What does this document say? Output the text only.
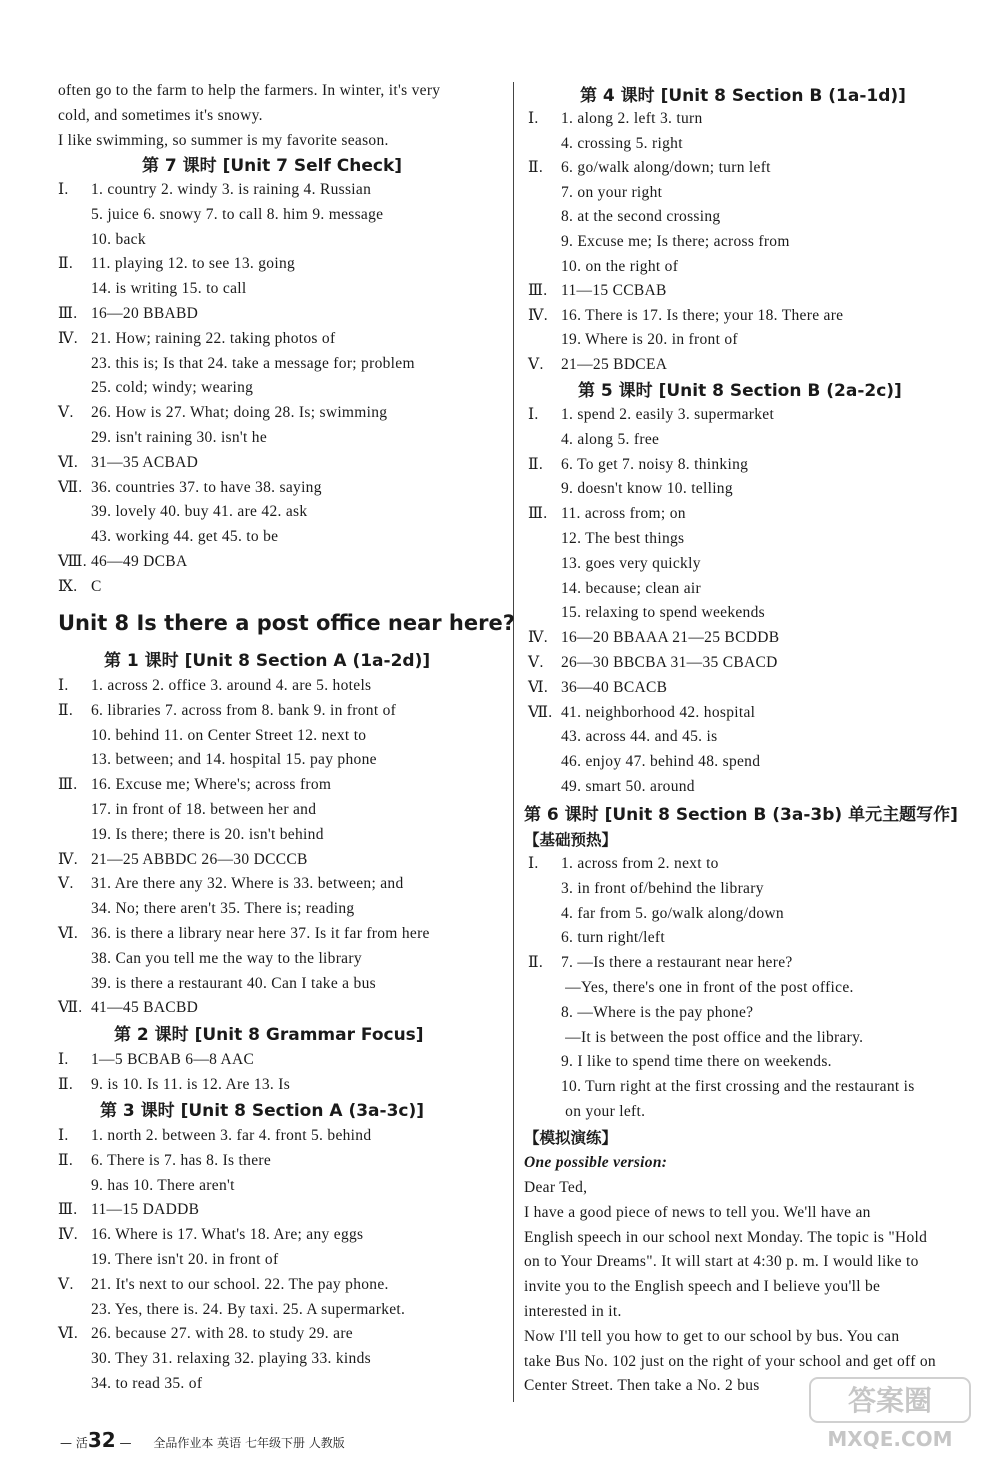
often go to the farm to help the farmers. In winter, it's very
cold, and sometimes it's snowy.
I like swimming, so summer is my favorite season.
第 7 课时 [Unit 7 Self Check]
Ⅰ. 1. country 2. windy 3. is raining 4. Russian
5. juice 6. snowy 7. to call 8. him 9. message
10. back
Ⅱ. 11. playing 12. to see 13. going
14. is writing 15. to call
Ⅲ. 16—20 BBABD
Ⅳ. 21. How; raining 22. taking photos of
23. this is; Is that 24. take a message for; problem
25. cold; windy; wearing
Ⅴ. 26. How is 27. What; doing 28. Is; swimming
29. isn't raining 30. isn't he
Ⅵ. 31—35 ACBAD
Ⅶ. 36. countries 37. to have 38. saying
39. lovely 40. buy 41. are 42. ask
43. working 44. get 45. to be
Ⅷ. 46—49 DCBA
Ⅸ. C
Unit 8 Is there a post office near here?
第 1 课时 [Unit 8 Section A (1a-2d)]
Ⅰ. 1. across 2. office 3. around 4. are 5. hotels
Ⅱ. 6. libraries 7. across from 8. bank 9. in front of
10. behind 11. on Center Street 12. next to
13. between; and 14. hospital 15. pay phone
Ⅲ. 16. Excuse me; Where's; across from
17. in front of 18. between her and
19. Is there; there is 20. isn't behind
Ⅳ. 21—25 ABBDC 26—30 DCCCB
Ⅴ. 31. Are there any 32. Where is 33. between; and
34. No; there aren't 35. There is; reading
Ⅵ. 36. is there a library near here 37. Is it far from here
38. Can you tell me the way to the library
39. is there a restaurant 40. Can I take a bus
Ⅶ. 41—45 BACBD
第 2 课时 [Unit 8 Grammar Focus]
Ⅰ. 1—5 BCBAB 6—8 AAC
Ⅱ. 9. is 10. Is 11. is 12. Are 13. Is
第 3 课时 [Unit 8 Section A (3a-3c)]
Ⅰ. 1. north 2. between 3. far 4. front 5. behind
Ⅱ. 6. There is 7. has 8. Is there
9. has 10. There aren't
Ⅲ. 11—15 DADDB
Ⅳ. 16. Where is 17. What's 18. Are; any eggs
19. There isn't 20. in front of
Ⅴ. 21. It's next to our school. 22. The pay phone.
23. Yes, there is. 24. By taxi. 25. A supermarket.
Ⅵ. 26. because 27. with 28. to study 29. are
30. They 31. relaxing 32. playing 33. kinds
34. to read 35. of
第 4 课时 [Unit 8 Section B (1a-1d)]
Ⅰ. 1. along 2. left 3. turn
4. crossing 5. right
Ⅱ. 6. go/walk along/down; turn left
7. on your right
8. at the second crossing
9. Excuse me; Is there; across from
10. on the right of
Ⅲ. 11—15 CCBAB
Ⅳ. 16. There is 17. Is there; your 18. There are
19. Where is 20. in front of
Ⅴ. 21—25 BDCEA
第 5 课时 [Unit 8 Section B (2a-2c)]
Ⅰ. 1. spend 2. easily 3. supermarket
4. along 5. free
Ⅱ. 6. To get 7. noisy 8. thinking
9. doesn't know 10. telling
Ⅲ. 11. across from; on
12. The best things
13. goes very quickly
14. because; clean air
15. relaxing to spend weekends
Ⅳ. 16—20 BBAAA 21—25 BCDDB
Ⅴ. 26—30 BBCBA 31—35 CBACD
Ⅵ. 36—40 BCACB
Ⅶ. 41. neighborhood 42. hospital
43. across 44. and 45. is
46. enjoy 47. behind 48. spend
49. smart 50. around
第 6 课时 [Unit 8 Section B (3a-3b) 单元主题写作]
【基础预热】
Ⅰ. 1. across from 2. next to
3. in front of/behind the library
4. far from 5. go/walk along/down
6. turn right/left
Ⅱ. 7. —Is there a restaurant near here?
—Yes, there's one in front of the post office.
8. —Where is the pay phone?
—It is between the post office and the library.
9. I like to spend time there on weekends.
10. Turn right at the first crossing and the restaurant is
on your left.
【模拟演练】
One possible version:
Dear Ted,
I have a good piece of news to tell you. We'll have an
English speech in our school next Monday. The topic is "Hold
on to Your Dreams". It will start at 4:30 p. m. I would like to
invite you to the English speech and I believe you'll be
interested in it.
Now I'll tell you how to get to our school by bus. You can
take Bus No. 102 just on the right of your school and get off on
Center Street. Then take a No. 2 bus
— 活32 — 全品作业本 英语 七年级下册 人教版
答案圈
MXQE.COM
